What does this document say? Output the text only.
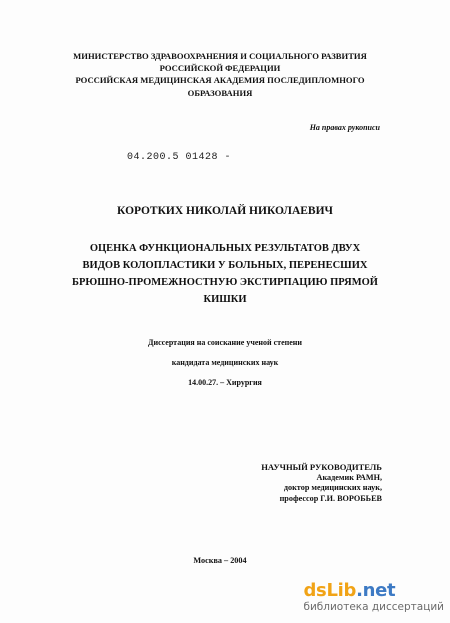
МИНИСТЕРСТВО ЗДРАВООХРАНЕНИЯ И СОЦИАЛЬНОГО РАЗВИТИЯ
РОССИЙСКОЙ ФЕДЕРАЦИИ
РОССИЙСКАЯ МЕДИЦИНСКАЯ АКАДЕМИЯ ПОСЛЕДИПЛОМНОГО
ОБРАЗОВАНИЯ
На правах рукописи
04.200.5 01428 -
КОРОТКИХ НИКОЛАЙ НИКОЛАЕВИЧ
ОЦЕНКА ФУНКЦИОНАЛЬНЫХ РЕЗУЛЬТАТОВ ДВУХ
ВИДОВ КОЛОПЛАСТИКИ У БОЛЬНЫХ, ПЕРЕНЕСШИХ
БРЮШНО-ПРОМЕЖНОСТНУЮ ЭКСТИРПАЦИЮ ПРЯМОЙ
КИШКИ
Диссертация на соискание ученой степени
кандидата медицинских наук
14.00.27. – Хирургия
НАУЧНЫЙ РУКОВОДИТЕЛЬ
Академик РАМН,
доктор медицинских наук,
профессор Г.И. ВОРОБЬЕВ
Москва – 2004
dsLib.net
библиотека диссертаций
